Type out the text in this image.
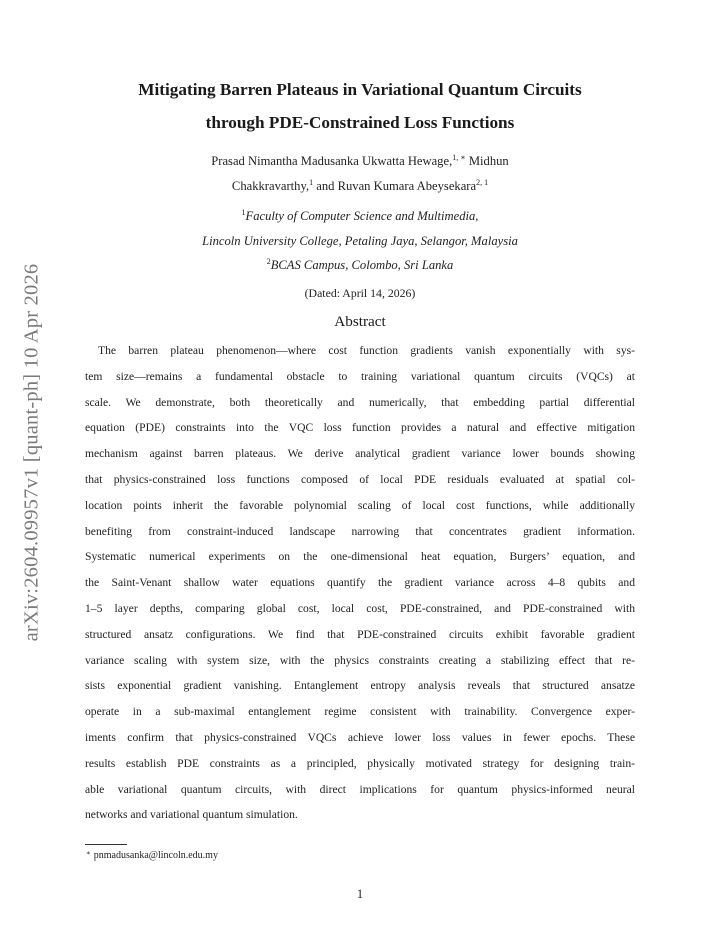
arXiv:2604.09957v1 [quant-ph] 10 Apr 2026
Mitigating Barren Plateaus in Variational Quantum Circuits
through PDE-Constrained Loss Functions
Prasad Nimantha Madusanka Ukwatta Hewage,$^{1, ∗}$ Midhun
Chakkravarthy,$^1$ and Ruvan Kumara Abeysekara$^{2, 1}$
$^1$Faculty of Computer Science and Multimedia,
Lincoln University College, Petaling Jaya, Selangor, Malaysia
$^2$BCAS Campus, Colombo, Sri Lanka
(Dated: April 14, 2026)
Abstract
The barren plateau phenomenon—where cost function gradients vanish exponentially with sys-
tem size—remains a fundamental obstacle to training variational quantum circuits (VQCs) at
scale. We demonstrate, both theoretically and numerically, that embedding partial differential
equation (PDE) constraints into the VQC loss function provides a natural and effective mitigation
mechanism against barren plateaus. We derive analytical gradient variance lower bounds showing
that physics-constrained loss functions composed of local PDE residuals evaluated at spatial col-
location points inherit the favorable polynomial scaling of local cost functions, while additionally
benefiting from constraint-induced landscape narrowing that concentrates gradient information.
Systematic numerical experiments on the one-dimensional heat equation, Burgers’ equation, and
the Saint-Venant shallow water equations quantify the gradient variance across 4–8 qubits and
1–5 layer depths, comparing global cost, local cost, PDE-constrained, and PDE-constrained with
structured ansatz configurations. We find that PDE-constrained circuits exhibit favorable gradient
variance scaling with system size, with the physics constraints creating a stabilizing effect that re-
sists exponential gradient vanishing. Entanglement entropy analysis reveals that structured ansatze
operate in a sub-maximal entanglement regime consistent with trainability. Convergence exper-
iments confirm that physics-constrained VQCs achieve lower loss values in fewer epochs. These
results establish PDE constraints as a principled, physically motivated strategy for designing train-
able variational quantum circuits, with direct implications for quantum physics-informed neural
networks and variational quantum simulation.
∗ pnmadusanka@lincoln.edu.my
1
